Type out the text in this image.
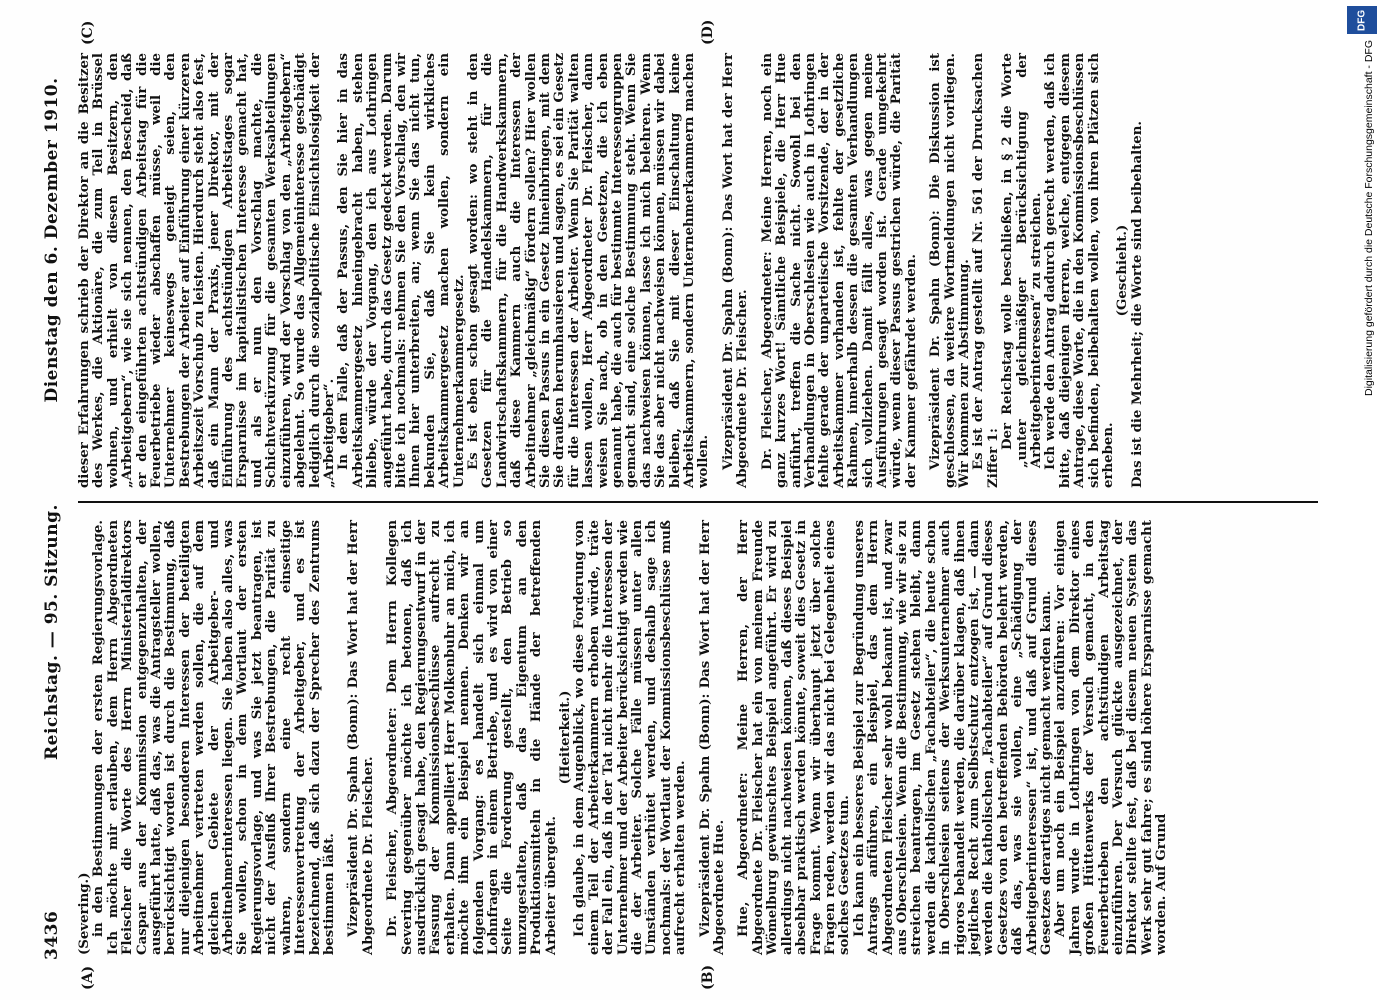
3436
Reichstag. — 95. Sitzung.
Dienstag den 6. Dezember 1910.
(A)	(B)
(C)	(D)

(Severing.) in den Bestimmungen der ersten Regierungsvorlage. Ich möchte mir erlauben, dem Herrn Abgeordneten Fleischer die Worte des Herrn Ministerialdirektors Caspar aus der Kommission entgegenzuhalten, der ausgeführt hatte, daß das, was die Antragsteller wollen, berücksichtigt worden ist durch die Bestimmung, daß nur diejenigen besonderen Interessen der beteiligten Arbeitnehmer vertreten werden sollen, die auf dem gleichen Gebiete der Arbeitgeber- und Arbeitnehmerinteressen liegen. Sie haben also alles, was Sie wollen, schon in dem Wortlaut der ersten Regierungsvorlage, und was Sie jetzt beantragen, ist nicht der Ausfluß Ihrer Bestrebungen, die Parität zu wahren, sondern eine recht einseitige Interessenvertretung der Arbeitgeber, und es ist bezeichnend, daß sich dazu der Sprecher des Zentrums bestimmen läßt. Vizepräsident Dr. Spahn (Bonn): Das Wort hat der Herr Abgeordnete Dr. Fleischer. Dr. Fleischer, Abgeordneter: Dem Herrn Kollegen Severing gegenüber möchte ich betonen, daß ich ausdrücklich gesagt habe, den Regierungsentwurf in der Fassung der Kommissionsbeschlüsse aufrecht zu erhalten. Dann appelliert Herr Molkenbuhr an mich, ich möchte ihm ein Beispiel nennen. Denken wir an folgenden Vorgang: es handelt sich einmal um Lohnfragen in einem Betriebe, und es wird von einer Seite die Forderung gestellt, den Betrieb so umzugestalten, daß das Eigentum an den Produktionsmitteln in die Hände der betreffenden Arbeiter übergeht.

(Heiterkeit.) Ich glaube, in dem Augenblick, wo diese Forderung von einem Teil der Arbeiterkammern erhoben würde, träte der Fall ein, daß in der Tat nicht mehr die Interessen der Unternehmer und der Arbeiter berücksichtigt werden wie die der Arbeiter. Solche Fälle müssen unter allen Umständen verhütet werden, und deshalb sage ich nochmals: der Wortlaut der Kommissionsbeschlüsse muß aufrecht erhalten werden. Vizepräsident Dr. Spahn (Bonn): Das Wort hat der Herr Abgeordnete Hue. Hue, Abgeordneter: Meine Herren, der Herr Abgeordnete Dr. Fleischer hat ein von meinem Freunde Wömelburg gewünschtes Beispiel angeführt. Er wird zu allerdings nicht nachweisen können, daß dieses Beispiel absehbar praktisch werden könnte, soweit dies Gesetz in Frage kommt. Wenn wir überhaupt jetzt über solche Fragen reden, werden wir das nicht bei Gelegenheit eines solches Gesetzes tun. Ich kann ein besseres Beispiel zur Begründung unseres Antrags anführen, ein Beispiel, das dem Herrn Abgeordneten Fleischer sehr wohl bekannt ist, und zwar aus Oberschlesien. Wenn die Bestimmung, wie wir sie zu streichen beantragen, im Gesetz stehen bleibt, dann werden die katholischen „Fachabteiler“, die heute schon in Oberschlesien seitens der Werksunternehmer auch rigoros behandelt werden, die darüber klagen, daß ihnen jegliches Recht zum Selbstschutz entzogen ist, — dann werden die katholischen „Fachabteiler“ auf Grund dieses Gesetzes von den betreffenden Behörden belehrt werden, daß das, was sie wollen, eine „Schädigung der Arbeitgeberinteressen“ ist, und daß auf Grund dieses Gesetzes derartiges nicht gemacht werden kann. Aber um noch ein Beispiel anzuführen: Vor einigen Jahren wurde in Lothringen von dem Direktor eines großen Hüttenwerks der Versuch gemacht, in den Feuerbetrieben den achtstündigen Arbeitstag einzuführen. Der Versuch glückte ausgezeichnet, der Direktor stellte fest, daß bei diesem neuen System das Werk sehr gut fahre; es sind höhere Ersparnisse gemacht worden. Auf Grund

dieser Erfahrungen schrieb der Direktor an die Besitzer des Werkes, die Aktionäre, die zum Teil in Brüssel wohnen, und erhielt von diesen Besitzern, den „Arbeitgebern“, wie sie sich nennen, den Bescheid, daß er den eingeführten achtstündigen Arbeitstag für die Feuerbetriebe wieder abschaffen müsse, weil die Unternehmer keineswegs geneigt seien, den Bestrebungen der Arbeiter auf Einführung einer kürzeren Arbeitszeit Vorschub zu leisten. Hierdurch steht also fest, daß ein Mann der Praxis, jener Direktor, mit der Einführung des achtstündigen Arbeitstages sogar Ersparnisse im kapitalistischen Interesse gemacht hat, und als er nun den Vorschlag machte, die Schichtverkürzung für die gesamten Werksabteilungen einzuführen, wird der Vorschlag von den „Arbeitgebern“ abgelehnt. So wurde das Allgemeininteresse geschädigt lediglich durch die sozialpolitische Einsichtslosigkeit der „Arbeitgeber“. In dem Falle, daß der Passus, den Sie hier in das Arbeitskammergesetz hineingebracht haben, stehen bliebe, würde der Vorgang, den ich aus Lothringen angeführt habe, durch das Gesetz gedeckt werden. Darum bitte ich nochmals: nehmen Sie den Vorschlag, den wir Ihnen hier unterbreiten, an; wenn Sie das nicht tun, bekunden Sie, daß Sie kein wirkliches Arbeitskammergesetz machen wollen, sondern ein Unternehmerkammergesetz. Es ist eben schon gesagt worden: wo steht in den Gesetzen für die Handelskammern, für die Landwirtschaftskammern, für die Handwerkskammern, daß diese Kammern auch die Interessen der Arbeitnehmer „gleichmäßig“ fördern sollen? Hier wollen Sie diesen Passus in ein Gesetz hineinbringen, mit dem Sie draußen herumhausieren und sagen, es sei ein Gesetz für die Interessen der Arbeiter. Wenn Sie Parität walten lassen wollen, Herr Abgeordneter Dr. Fleischer, dann weisen Sie nach, ob in den Gesetzen, die ich eben genannt habe, die auch für bestimmte Interessengruppen gemacht sind, eine solche Bestimmung steht. Wenn Sie das nachweisen können, lasse ich mich belehren. Wenn Sie das aber nicht nachweisen können, müssen wir dabei bleiben, daß Sie mit dieser Einschaltung keine Arbeitskammern, sondern Unternehmerkammern machen wollen. Vizepräsident Dr. Spahn (Bonn): Das Wort hat der Herr Abgeordnete Dr. Fleischer. Dr. Fleischer, Abgeordneter: Meine Herren, noch ein ganz kurzes Wort! Sämtliche Beispiele, die Herr Hue anführt, treffen die Sache nicht. Sowohl bei den Verhandlungen in Oberschlesien wie auch in Lothringen fehlte gerade der unparteiische Vorsitzende, der in der Arbeitskammer vorhanden ist, fehlte der gesetzliche Rahmen, innerhalb dessen die gesamten Verhandlungen sich vollziehen. Damit fällt alles, was gegen meine Ausführungen gesagt worden ist. Gerade umgekehrt würde, wenn dieser Passus gestrichen würde, die Parität der Kammer gefährdet werden. Vizepräsident Dr. Spahn (Bonn): Die Diskussion ist geschlossen, da weitere Wortmeldungen nicht vorliegen. Wir kommen zur Abstimmung. Es ist der Antrag gestellt auf Nr. 561 der Drucksachen Ziffer 1:

Der Reichstag wolle beschließen, in § 2 die Worte „unter gleichmäßiger Berücksichtigung der Arbeitgeberinteressen“ zu streichen. Ich werde den Antrag dadurch gerecht werden, daß ich bitte, daß diejenigen Herren, welche, entgegen diesem Antrage, diese Worte, die in den Kommissionsbeschlüssen sich befinden, beibehalten wollen, von ihren Plätzen sich erheben.

(Geschieht.) Das ist die Mehrheit; die Worte sind beibehalten.

DFG
Digitalisierung gefördert durch die Deutsche Forschungsgemeinschaft - DFG
